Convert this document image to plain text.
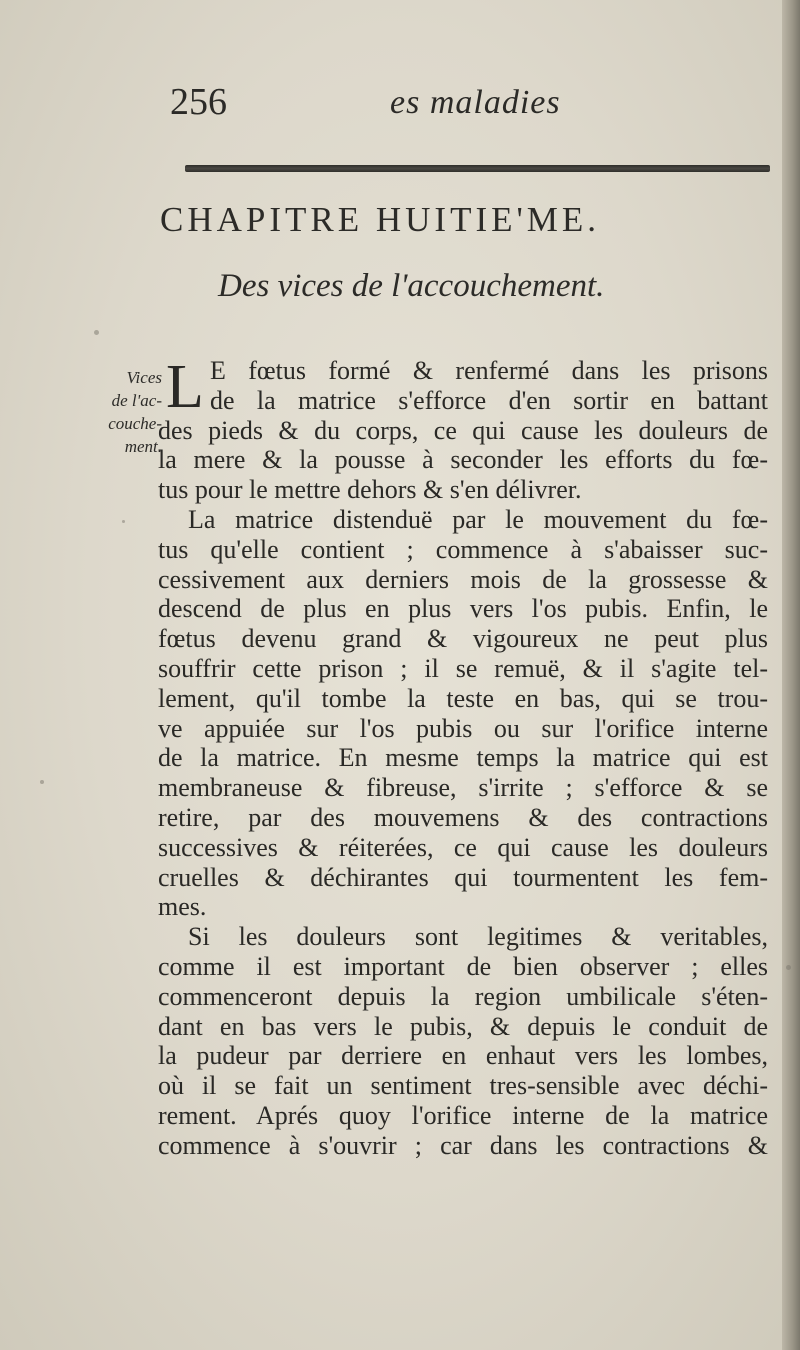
256	es maladies
CHAPITRE HUITIE'ME.
Des vices de l'accouchement.
Vices
de l'ac-
couche-
ment.
L E fœtus formé & renfermé dans les prisons
de la matrice s'efforce d'en sortir en battant
des pieds & du corps, ce qui cause les douleurs de
la mere & la pousse à seconder les efforts du fœ-
tus pour le mettre dehors & s'en délivrer.
La matrice distenduë par le mouvement du fœ-
tus qu'elle contient ; commence à s'abaisser suc-
cessivement aux derniers mois de la grossesse &
descend de plus en plus vers l'os pubis. Enfin, le
fœtus devenu grand & vigoureux ne peut plus
souffrir cette prison ; il se remuë, & il s'agite tel-
lement, qu'il tombe la teste en bas, qui se trou-
ve appuiée sur l'os pubis ou sur l'orifice interne
de la matrice. En mesme temps la matrice qui est
membraneuse & fibreuse, s'irrite ; s'efforce & se
retire, par des mouvemens & des contractions
successives & réiterées, ce qui cause les douleurs
cruelles & déchirantes qui tourmentent les fem-
mes.
Si les douleurs sont legitimes & veritables,
comme il est important de bien observer ; elles
commenceront depuis la region umbilicale s'éten-
dant en bas vers le pubis, & depuis le conduit de
la pudeur par derriere en enhaut vers les lombes,
où il se fait un sentiment tres-sensible avec déchi-
rement. Aprés quoy l'orifice interne de la matrice
commence à s'ouvrir ; car dans les contractions &
